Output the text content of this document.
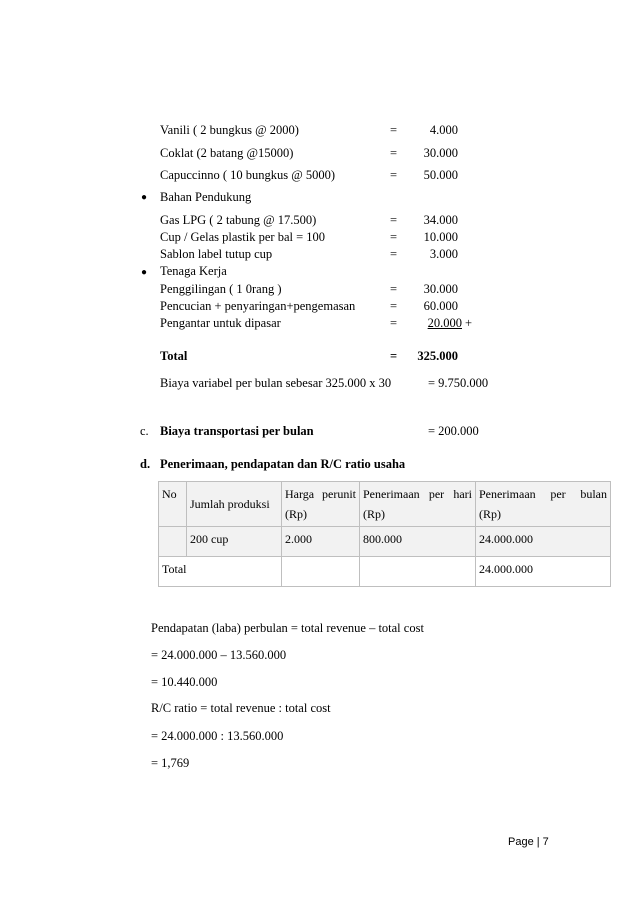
Vanili ( 2 bungkus @ 2000)	=	4.000
Coklat (2 batang @15000)	=	30.000
Capuccinno ( 10 bungkus @ 5000)	=	50.000
● Bahan Pendukung
Gas LPG ( 2 tabung @ 17.500)	=	34.000
Cup / Gelas plastik per bal = 100	=	10.000
Sablon label tutup cup	=	3.000
● Tenaga Kerja
Penggilingan ( 1 0rang )	=	30.000
Pencucian + penyaringan+pengemasan	=	60.000
Pengantar untuk dipasar	=	20.000 +
Total	=	325.000
Biaya variabel per bulan sebesar 325.000 x 30	= 9.750.000
c. Biaya transportasi per bulan	= 200.000
d. Penerimaan, pendapatan dan R/C ratio usaha
No	Jumlah produksi	Harga perunit (Rp)	Penerimaan per hari (Rp)	Penerimaan per bulan (Rp)
	200 cup	2.000	800.000	24.000.000
Total				24.000.000
Pendapatan (laba) perbulan = total revenue – total cost
= 24.000.000 – 13.560.000
= 10.440.000
R/C ratio = total revenue : total cost
= 24.000.000 : 13.560.000
= 1,769
Page | 7
